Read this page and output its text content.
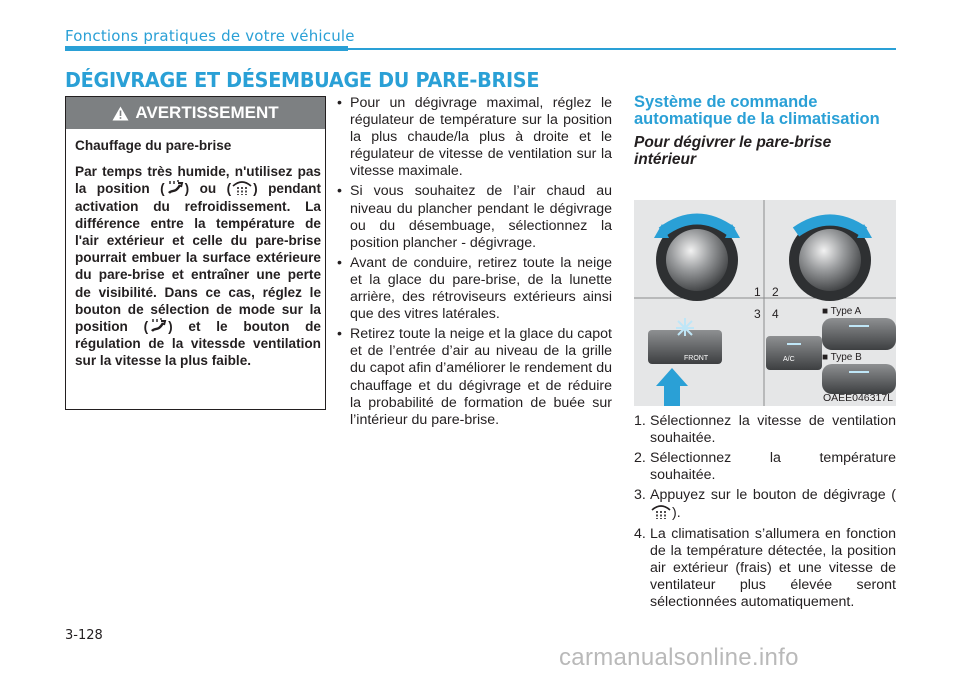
Fonctions pratiques de votre véhicule
DÉGIVRAGE ET DÉSEMBUAGE DU PARE-BRISE
AVERTISSEMENT

Chauffage du pare-brise

Par temps très humide, n'utilisez pas la position ( ) ou ( ) pendant activation du refroidissement. La différence entre la température de l'air extérieur et celle du pare-brise pourrait embuer la surface extérieure du pare-brise et entraîner une perte de visibilité. Dans ce cas, réglez le bouton de sélection de mode sur la position ( ) et le bouton de régulation de la vitessde ventilation sur la vitesse la plus faible.

• Pour un dégivrage maximal, réglez le régulateur de température sur la position la plus chaude/la plus à droite et le régulateur de vitesse de ventilation sur la vitesse maximale.
• Si vous souhaitez de l’air chaud au niveau du plancher pendant le dégivrage ou du désembuage, sélectionnez la position plancher - dégivrage.
• Avant de conduire, retirez toute la neige et la glace du pare-brise, de la lunette arrière, des rétroviseurs extérieurs ainsi que des vitres latérales.
• Retirez toute la neige et la glace du capot et de l’entrée d’air au niveau de la grille du capot afin d’améliorer le rendement du chauffage et du dégivrage et de réduire la probabilité de formation de buée sur l’intérieur du pare-brise.

Système de commande automatique de la climatisation

Pour dégivrer le pare-brise intérieur

1 2
3 4
FRONT	A/C
■ Type A
■ Type B
OAEE046317L
1. Sélectionnez la vitesse de ventilation souhaitée.
2. Sélectionnez la température souhaitée.
3. Appuyez sur le bouton de dégivrage ().
4. La climatisation s’allumera en fonction de la température détectée, la position air extérieur (frais) et une vitesse de ventilateur plus élevée seront sélectionnées automatiquement.
3-128
carmanualsonline.info
